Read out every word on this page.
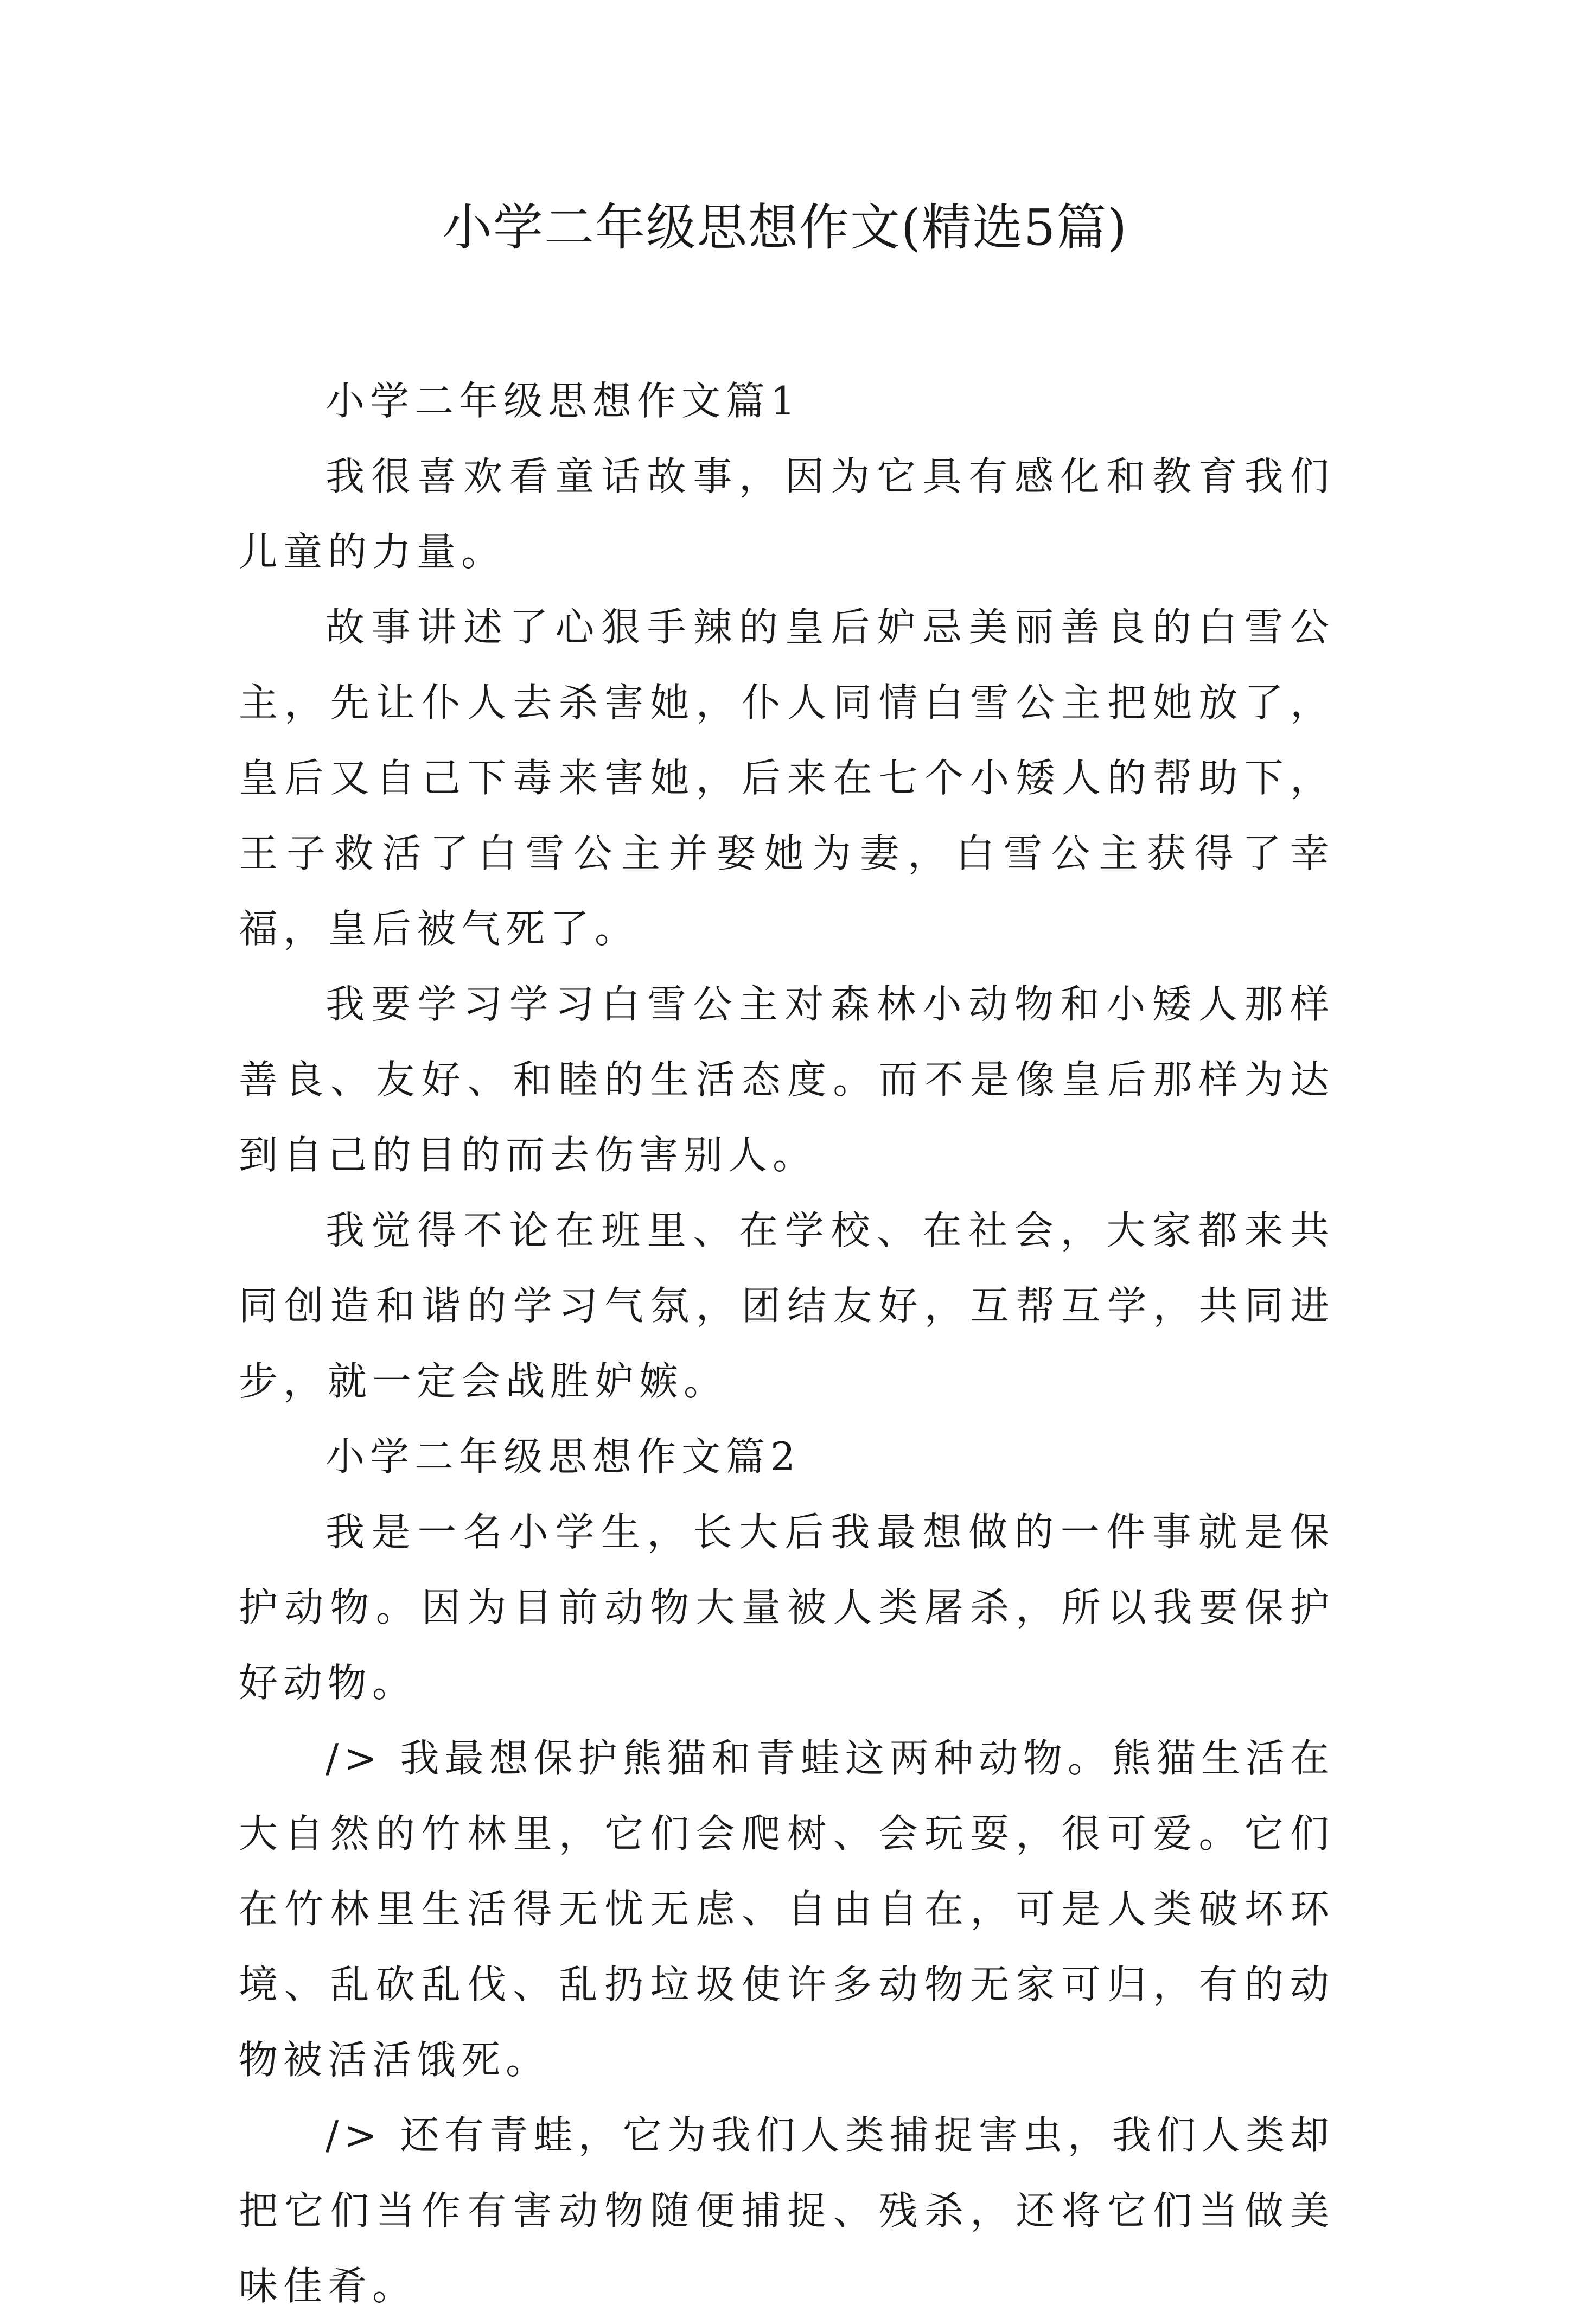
小学二年级思想作文(精选5篇)

小学二年级思想作文篇1

我很喜欢看童话故事，因为它具有感化和教育我们儿童的力量。

故事讲述了心狠手辣的皇后妒忌美丽善良的白雪公主，先让仆人去杀害她，仆人同情白雪公主把她放了，皇后又自己下毒来害她，后来在七个小矮人的帮助下，王子救活了白雪公主并娶她为妻，白雪公主获得了幸福，皇后被气死了。

我要学习学习白雪公主对森林小动物和小矮人那样善良、友好、和睦的生活态度。而不是像皇后那样为达到自己的目的而去伤害别人。

我觉得不论在班里、在学校、在社会，大家都来共同创造和谐的学习气氛，团结友好，互帮互学，共同进步，就一定会战胜妒嫉。

小学二年级思想作文篇2

我是一名小学生，长大后我最想做的一件事就是保护动物。因为目前动物大量被人类屠杀，所以我要保护好动物。

/> 我最想保护熊猫和青蛙这两种动物。熊猫生活在大自然的竹林里，它们会爬树、会玩耍，很可爱。它们在竹林里生活得无忧无虑、自由自在，可是人类破坏环境、乱砍乱伐、乱扔垃圾使许多动物无家可归，有的动物被活活饿死。

/> 还有青蛙，它为我们人类捕捉害虫，我们人类却把它们当作有害动物随便捕捉、残杀，还将它们当做美味佳肴。
